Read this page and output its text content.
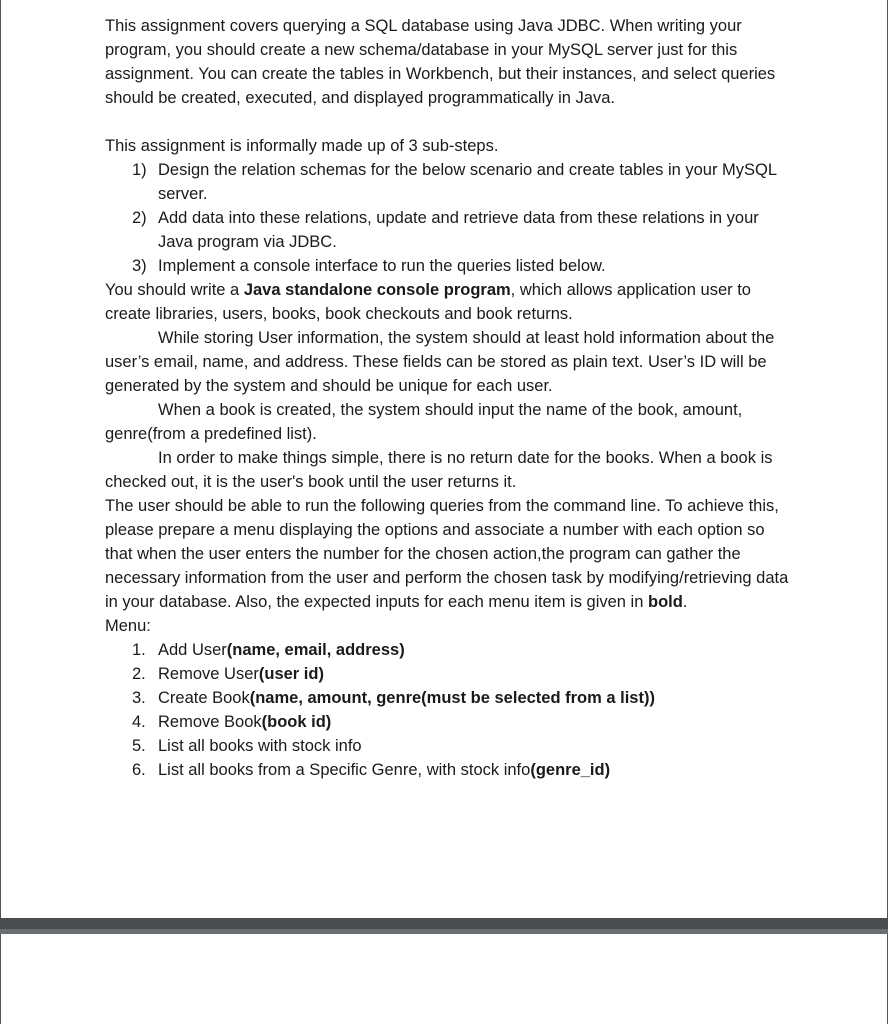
This assignment covers querying a SQL database using Java JDBC. When writing your program, you should create a new schema/database in your MySQL server just for this assignment. You can create the tables in Workbench, but their instances, and select queries should be created, executed, and displayed programmatically in Java.

This assignment is informally made up of 3 sub-steps.

1) Design the relation schemas for the below scenario and create tables in your MySQL server.
2) Add data into these relations, update and retrieve data from these relations in your Java program via JDBC.
3) Implement a console interface to run the queries listed below.

You should write a Java standalone console program, which allows application user to create libraries, users, books, book checkouts and book returns.

While storing User information, the system should at least hold information about the user’s email, name, and address. These fields can be stored as plain text. User’s ID will be generated by the system and should be unique for each user.

When a book is created, the system should input the name of the book, amount, genre(from a predefined list).

In order to make things simple, there is no return date for the books. When a book is checked out, it is the user's book until the user returns it.

The user should be able to run the following queries from the command line. To achieve this, please prepare a menu displaying the options and associate a number with each option so that when the user enters the number for the chosen action,the program can gather the necessary information from the user and perform the chosen task by modifying/retrieving data in your database. Also, the expected inputs for each menu item is given in bold.

Menu:

1. Add User(name, email, address)
2. Remove User(user id)
3. Create Book(name, amount, genre(must be selected from a list))
4. Remove Book(book id)
5. List all books with stock info
6. List all books from a Specific Genre, with stock info(genre_id)
